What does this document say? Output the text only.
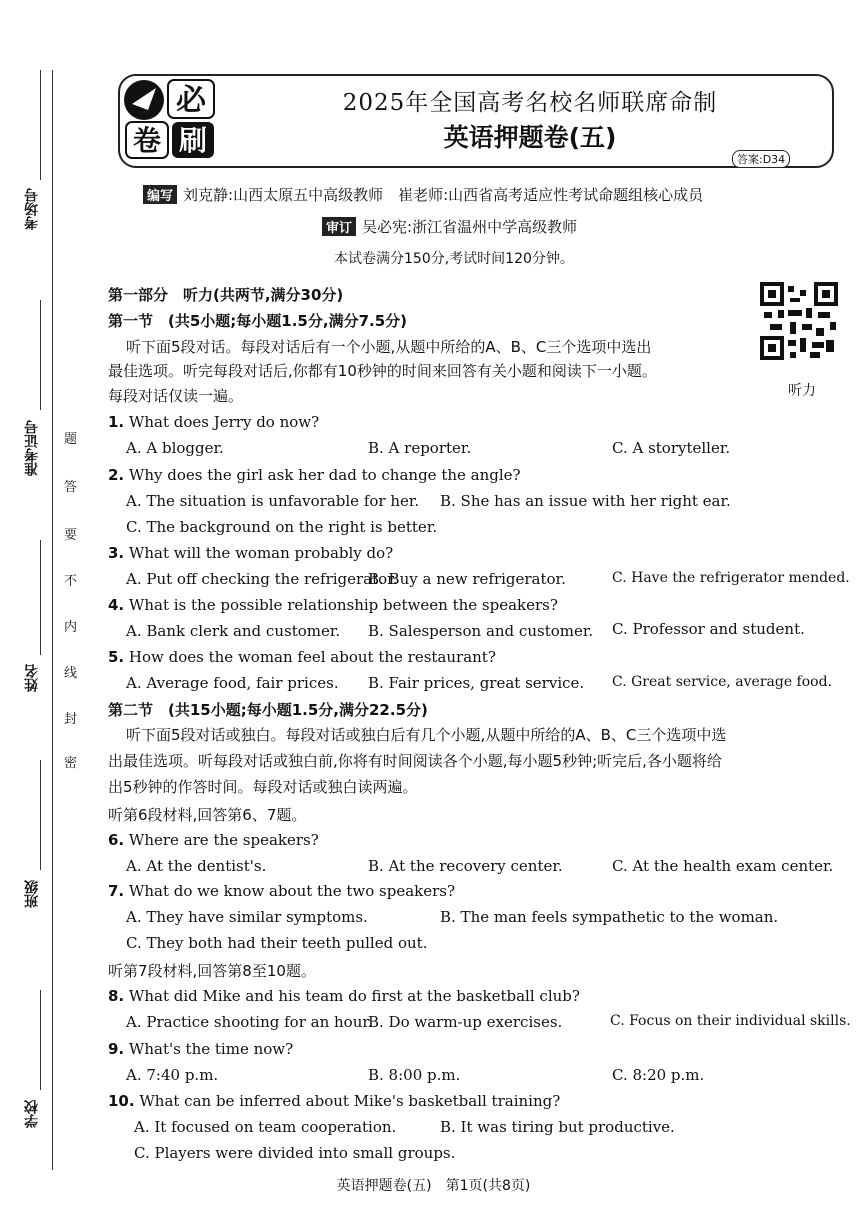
考场号
准考证号
姓名
班级
学校
题
答
要
不
内
线
封
密
必
卷 刷
2025年全国高考名校名师联席命制
英语押题卷(五)
答案:D34
编写 刘克静:山西太原五中高级教师　崔老师:山西省高考适应性考试命题组核心成员
审订 吴必宪:浙江省温州中学高级教师
本试卷满分150分,考试时间120分钟。
听力
第一部分　听力(共两节,满分30分)
第一节　(共5小题;每小题1.5分,满分7.5分)
听下面5段对话。每段对话后有一个小题,从题中所给的A、B、C三个选项中选出
最佳选项。听完每段对话后,你都有10秒钟的时间来回答有关小题和阅读下一小题。
每段对话仅读一遍。
1. What does Jerry do now?
A. A blogger.	B. A reporter.	C. A storyteller.
2. Why does the girl ask her dad to change the angle?
A. The situation is unfavorable for her. B. She has an issue with her right ear.
C. The background on the right is better.
3. What will the woman probably do?
A. Put off checking the refrigerator.
B. Buy a new refrigerator.	C. Have the refrigerator mended.
4. What is the possible relationship between the speakers?
A. Bank clerk and customer. B. Salesperson and customer. C. Professor and student.
5. How does the woman feel about the restaurant?
A. Average food, fair prices. B. Fair prices, great service. C. Great service, average food.
第二节　(共15小题;每小题1.5分,满分22.5分)
听下面5段对话或独白。每段对话或独白后有几个小题,从题中所给的A、B、C三个选项中选
出最佳选项。听每段对话或独白前,你将有时间阅读各个小题,每小题5秒钟;听完后,各小题将给
出5秒钟的作答时间。每段对话或独白读两遍。
听第6段材料,回答第6、7题。
6. Where are the speakers?
A. At the dentist's.	B. At the recovery center.	C. At the health exam center.
7. What do we know about the two speakers?
A. They have similar symptoms.	B. The man feels sympathetic to the woman.
C. They both had their teeth pulled out.
听第7段材料,回答第8至10题。
8. What did Mike and his team do first at the basketball club?
A. Practice shooting for an hour.
B. Do warm-up exercises.	C. Focus on their individual skills.
9. What's the time now?
A. 7:40 p.m.	B. 8:00 p.m.	C. 8:20 p.m.
10. What can be inferred about Mike's basketball training?
A. It focused on team cooperation.	B. It was tiring but productive.
C. Players were divided into small groups.
英语押题卷(五)　第1页(共8页)
